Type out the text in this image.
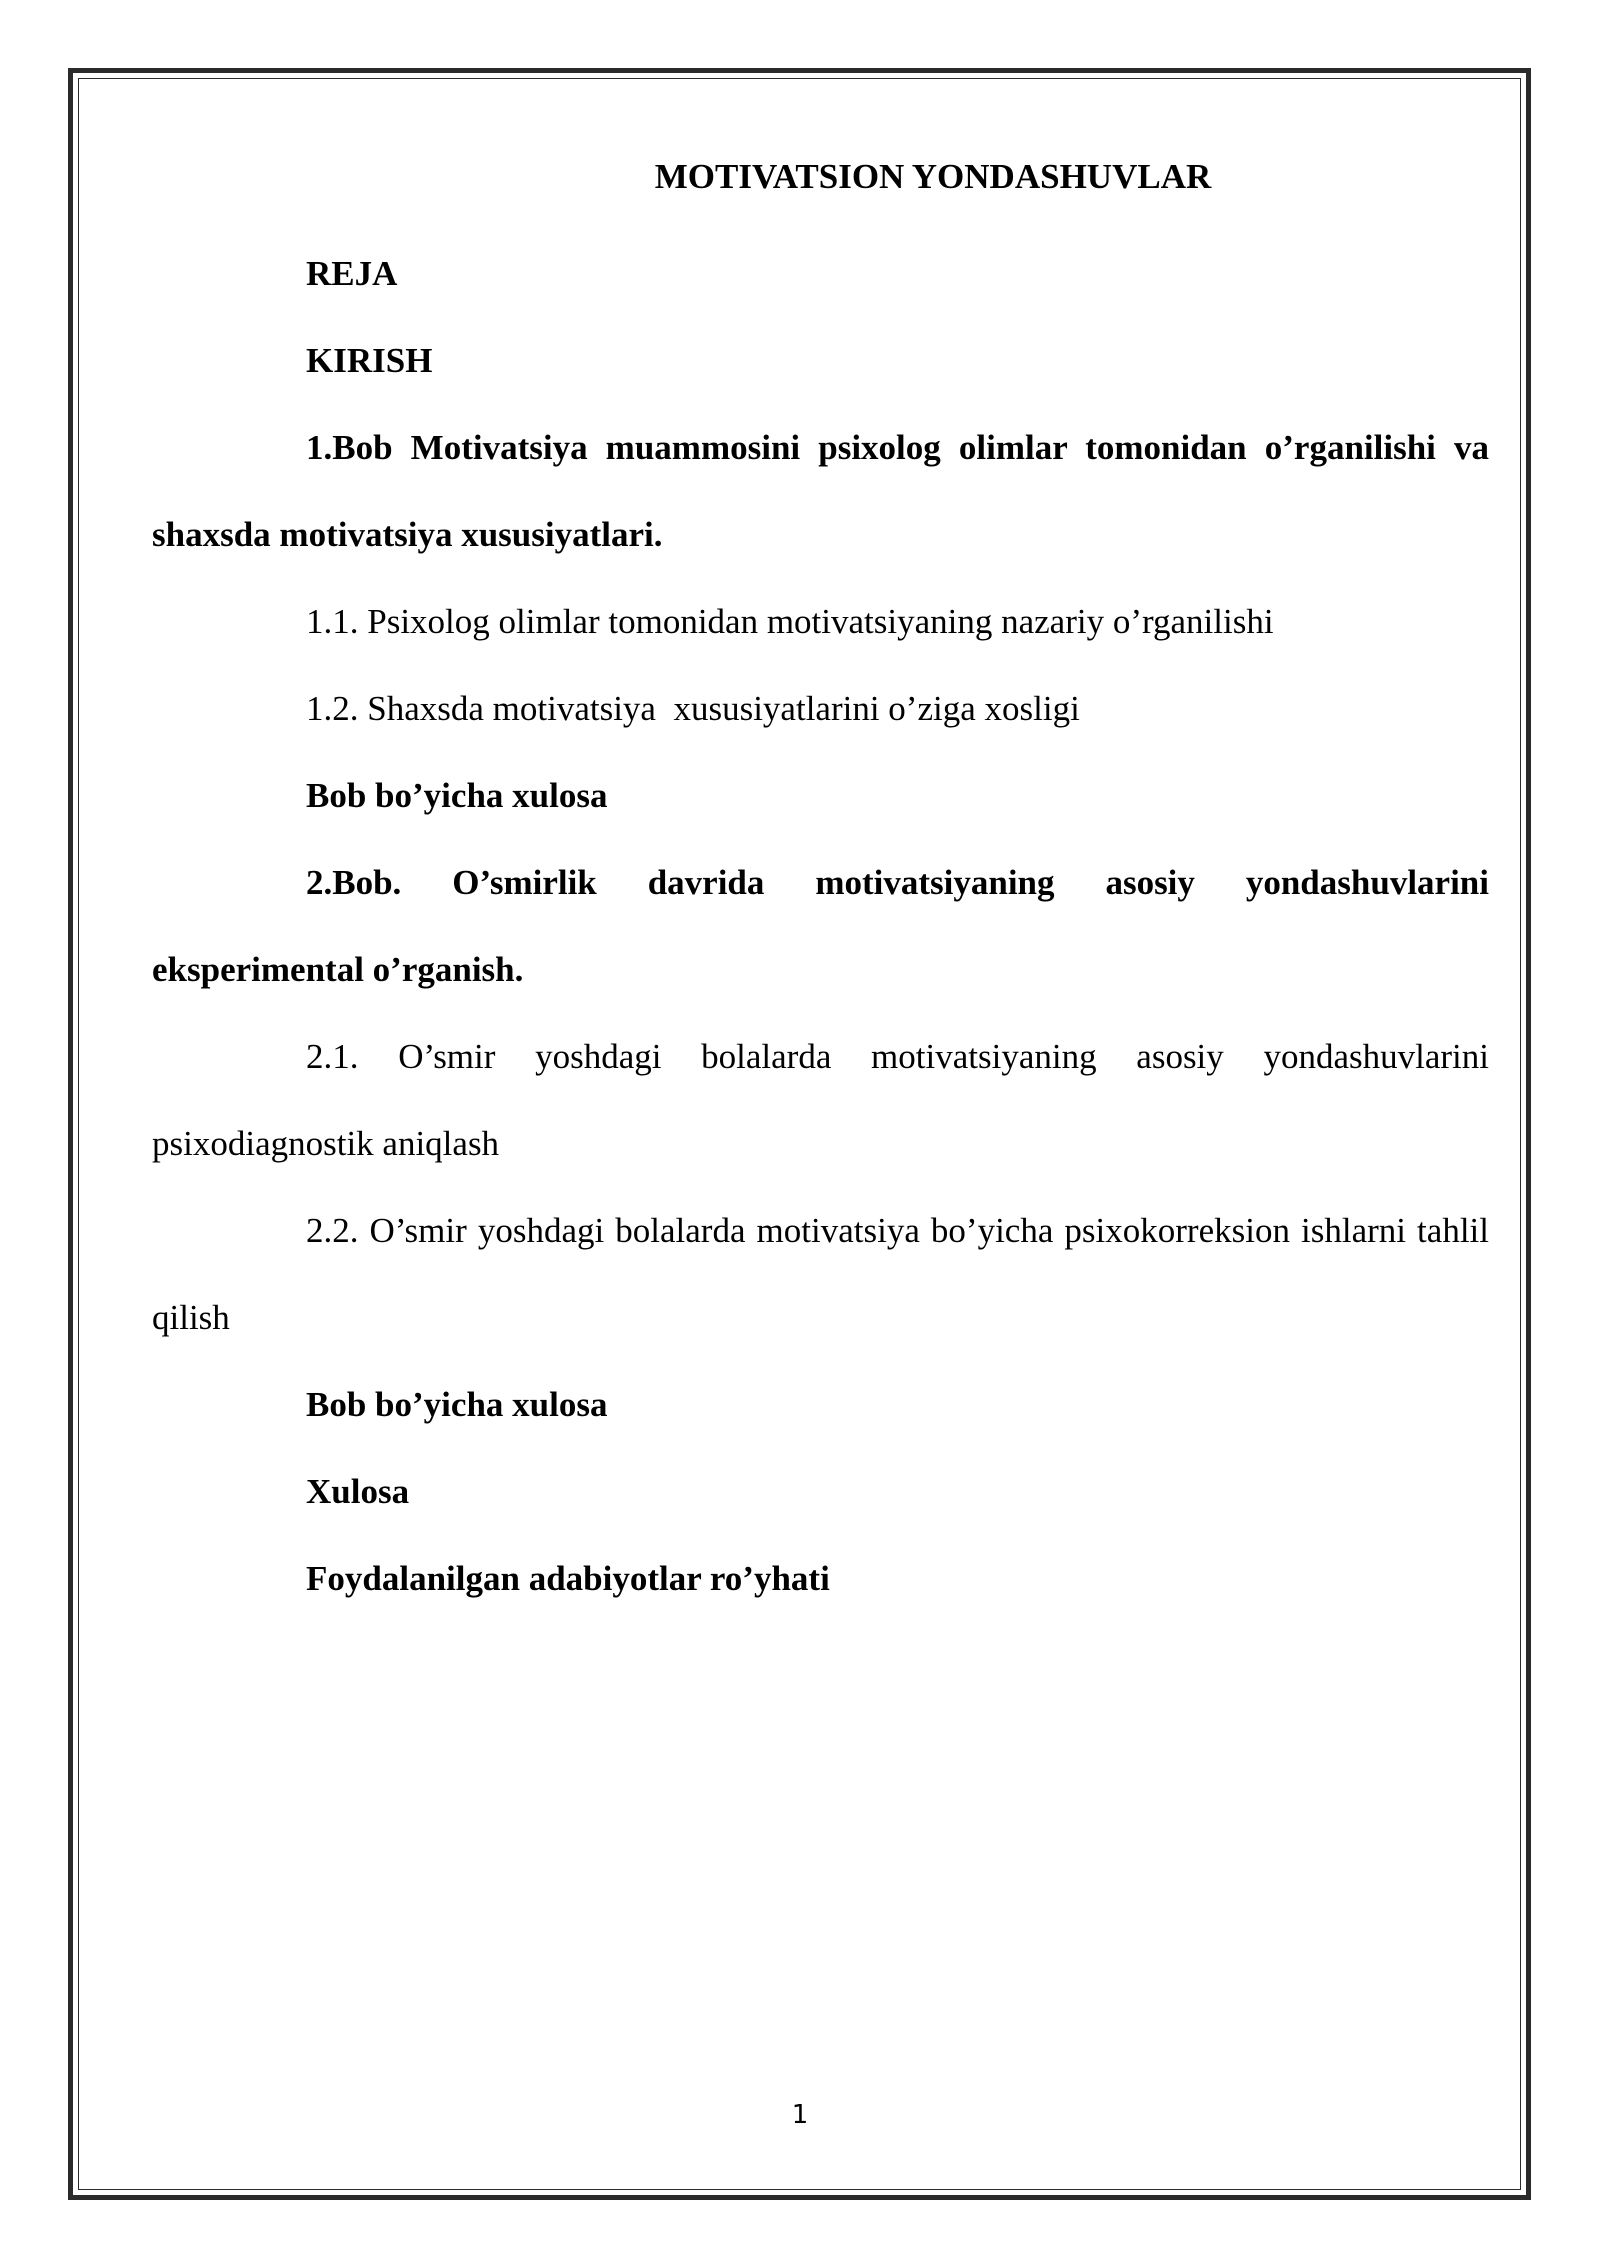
MOTIVATSION YONDASHUVLAR

REJA

KIRISH

1.Bob Motivatsiya muammosini psixolog olimlar tomonidan o’rganilishi va shaxsda motivatsiya xususiyatlari.

1.1. Psixolog olimlar tomonidan motivatsiyaning nazariy o’rganilishi

1.2. Shaxsda motivatsiya  xususiyatlarini o’ziga xosligi

Bob bo’yicha xulosa

2.Bob. O’smirlik davrida motivatsiyaning asosiy yondashuvlarini eksperimental o’rganish.

2.1. O’smir yoshdagi bolalarda motivatsiyaning asosiy yondashuvlarini psixodiagnostik aniqlash

2.2. O’smir yoshdagi bolalarda motivatsiya bo’yicha psixokorreksion ishlarni tahlil qilish

Bob bo’yicha xulosa

Xulosa

Foydalanilgan adabiyotlar ro’yhati

1
